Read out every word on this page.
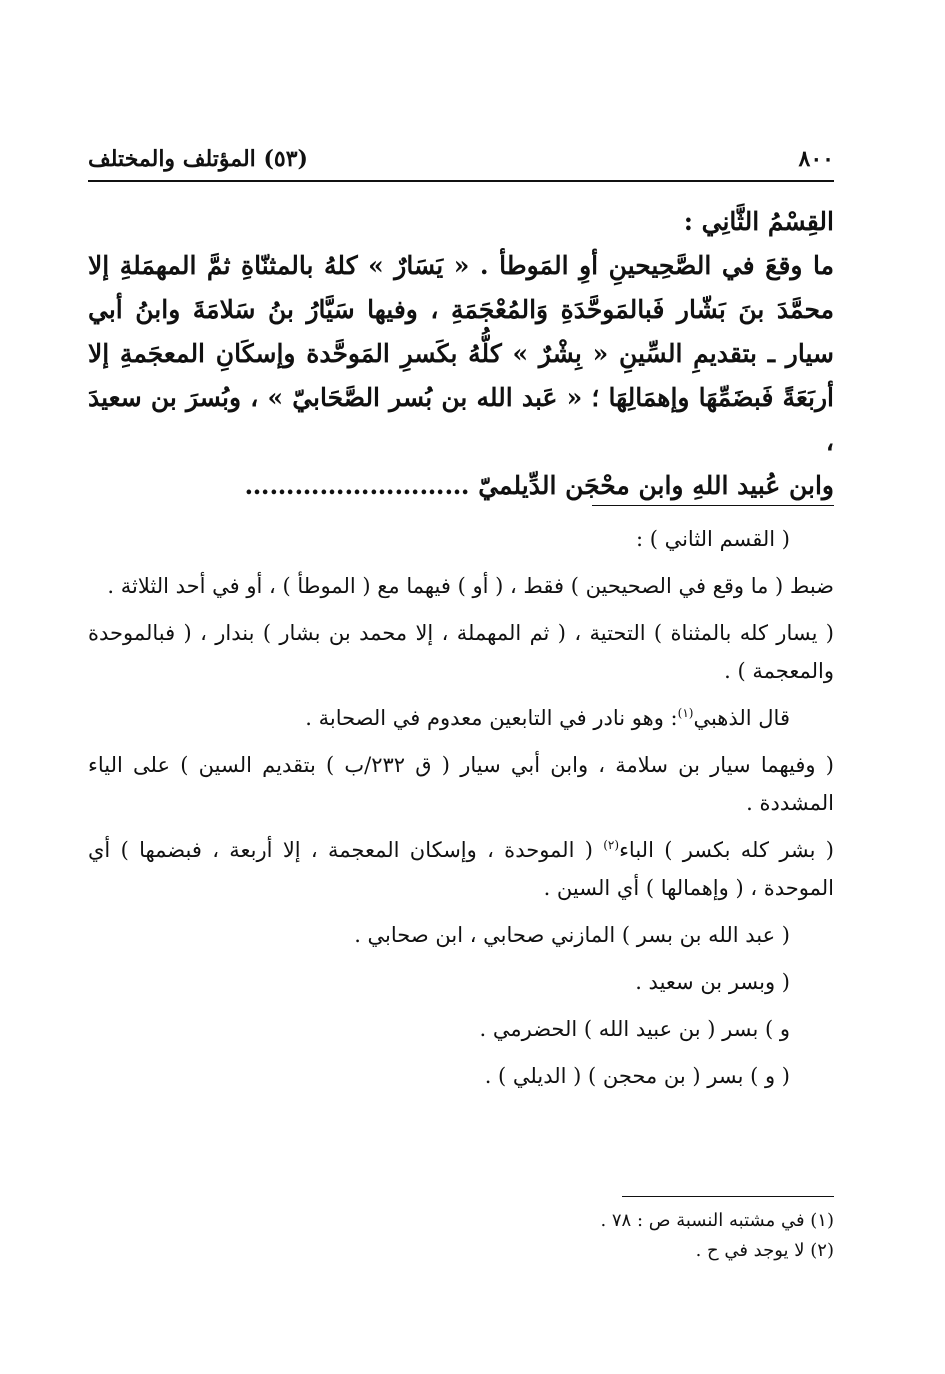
٨٠٠
(٥٣) المؤتلف والمختلف

القِسْمُ الثَّانِي :

ما وقعَ في الصَّحِيحينِ أوِ المَوطأ . « يَسَارٌ » كلهُ بالمثنّاةِ ثمَّ المهمَلةِ إلا محمَّدَ بنَ بَشّار فَبالمَوحَّدَةِ وَالمُعْجَمَةِ ، وفيها سَيَّارُ بنُ سَلامَةَ وابنُ أبي سيار ـ بتقديمِ السِّينِ « بِشْرٌ » كلُّهُ بكَسرِ المَوحَّدة وإسكَانِ المعجَمةِ إلا أربَعَةً فَبضَمِّهَا وإهمَالِهَا ؛ « عَبد الله بن بُسر الصَّحَابيّ » ، وبُسرَ بن سعيدَ ،

وابن عُبيد اللهِ وابن محْجَن الدِّيلميّ ………………………

( القسم الثاني ) :

ضبط ( ما وقع في الصحيحين ) فقط ، ( أو ) فيهما مع ( الموطأ ) ، أو في أحد الثلاثة .

( يسار كله بالمثناة ) التحتية ، ( ثم المهملة ، إلا محمد بن بشار ) بندار ، ( فبالموحدة والمعجمة ) .

قال الذهبي$^{(١)}$: وهو نادر في التابعين معدوم في الصحابة .

( وفيهما سيار بن سلامة ، وابن أبي سيار ( ق ٢٣٢/ب ) بتقديم السين ) على الياء المشددة .

( بشر كله بكسر ) الباء$^{(٢)}$ ( الموحدة ، وإسكان المعجمة ، إلا أربعة ، فبضمها ) أي الموحدة ، ( وإهمالها ) أي السين .

( عبد الله بن بسر ) المازني صحابي ، ابن صحابي .

( وبسر بن سعيد .

و ) بسر ( بن عبيد الله ) الحضرمي .

( و ) بسر ( بن محجن ) ( الديلي ) .

(١) في مشتبه النسبة ص : ٧٨ .

(٢) لا يوجد في ح .
